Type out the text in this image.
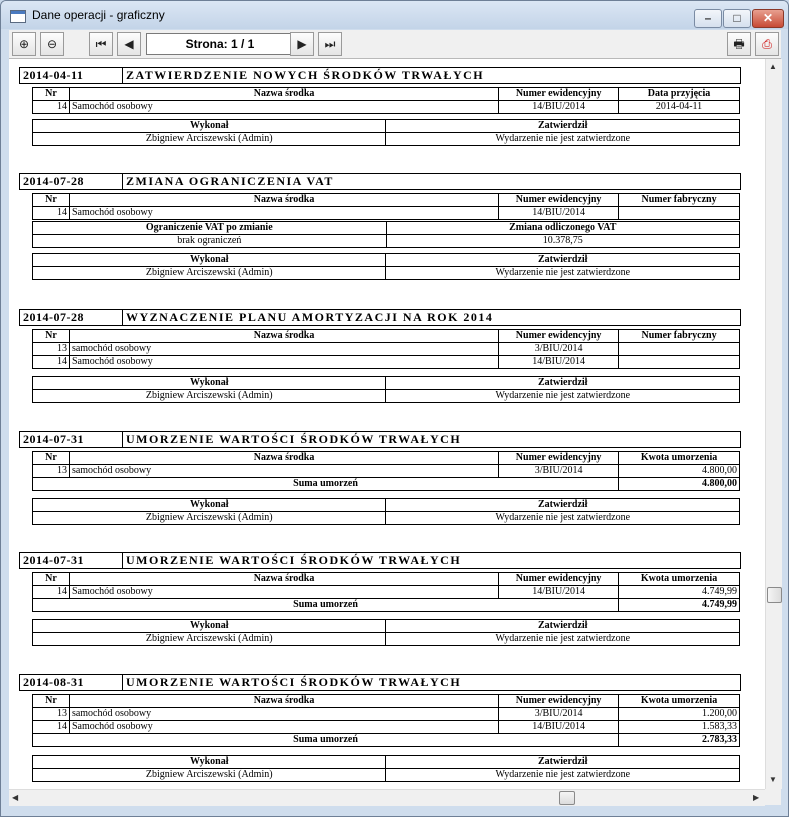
Dane operacji - graficzny	–	□	✕
⊕	⊖	⏮	◀	Strona: 1 / 1	▶	⏭	🖶	⎙
2014-04-11	ZATWIERDZENIE NOWYCH ŚRODKÓW TRWAŁYCH
Nr	Nazwa środka	Numer ewidencyjny	Data przyjęcia
14	Samochód osobowy	14/BIU/2014	2014-04-11
Wykonał	Zatwierdził
Zbigniew Arciszewski (Admin)	Wydarzenie nie jest zatwierdzone
2014-07-28	ZMIANA OGRANICZENIA VAT
Nr	Nazwa środka	Numer ewidencyjny	Numer fabryczny
14	Samochód osobowy	14/BIU/2014	
Ograniczenie VAT po zmianie	Zmiana odliczonego VAT
brak ograniczeń	10.378,75
Wykonał	Zatwierdził
Zbigniew Arciszewski (Admin)	Wydarzenie nie jest zatwierdzone
2014-07-28	WYZNACZENIE PLANU AMORTYZACJI NA ROK 2014
Nr	Nazwa środka	Numer ewidencyjny	Numer fabryczny
13	samochód osobowy	3/BIU/2014	
14	Samochód osobowy	14/BIU/2014	
Wykonał	Zatwierdził
Zbigniew Arciszewski (Admin)	Wydarzenie nie jest zatwierdzone
2014-07-31	UMORZENIE WARTOŚCI ŚRODKÓW TRWAŁYCH
Nr	Nazwa środka	Numer ewidencyjny	Kwota umorzenia
13	samochód osobowy	3/BIU/2014	4.800,00
Suma umorzeń			4.800,00
Wykonał	Zatwierdził
Zbigniew Arciszewski (Admin)	Wydarzenie nie jest zatwierdzone
2014-07-31	UMORZENIE WARTOŚCI ŚRODKÓW TRWAŁYCH
Nr	Nazwa środka	Numer ewidencyjny	Kwota umorzenia
14	Samochód osobowy	14/BIU/2014	4.749,99
Suma umorzeń			4.749,99
Wykonał	Zatwierdził
Zbigniew Arciszewski (Admin)	Wydarzenie nie jest zatwierdzone
2014-08-31	UMORZENIE WARTOŚCI ŚRODKÓW TRWAŁYCH
Nr	Nazwa środka	Numer ewidencyjny	Kwota umorzenia
13	samochód osobowy	3/BIU/2014	1.200,00
14	Samochód osobowy	14/BIU/2014	1.583,33
Suma umorzeń			2.783,33
Wykonał	Zatwierdził
Zbigniew Arciszewski (Admin)	Wydarzenie nie jest zatwierdzone
▲
▼
◀	▶
